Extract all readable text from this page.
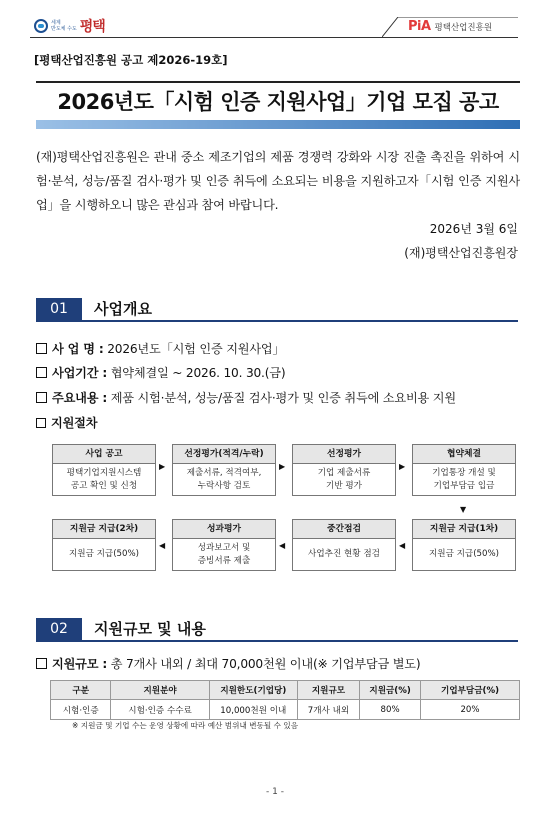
세계
반도체 수도 평택	PiA 평택산업진흥원
[평택산업진흥원 공고 제2026-19호]
2026년도「시험 인증 지원사업」기업 모집 공고
(재)평택산업진흥원은 관내 중소 제조기업의 제품 경쟁력 강화와 시장 진출 촉진을 위하여 시험·분석, 성능/품질 검사·평가 및 인증 취득에 소요되는 비용을 지원하고자「시험 인증 지원사업」을 시행하오니 많은 관심과 참여 바랍니다.
2026년 3월 6일
(재)평택산업진흥원장
01	사업개요
사 업 명 : 2026년도「시험 인증 지원사업」
사업기간 : 협약체결일 ~ 2026. 10. 30.(금)
주요내용 : 제품 시험·분석, 성능/품질 검사·평가 및 인증 취득에 소요비용 지원
지원절차
사업 공고
평택기업지원시스템
공고 확인 및 신청
▶
선정평가(적격/누락)
제출서류, 적격여부,
누락사항 검토
▶
선정평가
기업 제출서류
기반 평가
▶
협약체결
기업통장 개설 및
기업부담금 입금
▼
지원금 지급(2차)
지원금 지급(50%)
◀
성과평가
성과보고서 및
증빙서류 제출
◀
중간점검
사업추진 현황 점검
◀
지원금 지급(1차)
지원금 지급(50%)
02	지원규모 및 내용
지원규모 : 총 7개사 내외 / 최대 70,000천원 이내(※ 기업부담금 별도)
구분	지원분야	지원한도(기업당)	지원규모	지원금(%)	기업부담금(%)
시험·인증	시험·인증 수수료	10,000천원 이내	7개사 내외	80%	20%
※ 지원금 및 기업 수는 운영 상황에 따라 예산 범위내 변동될 수 있음
- 1 -
